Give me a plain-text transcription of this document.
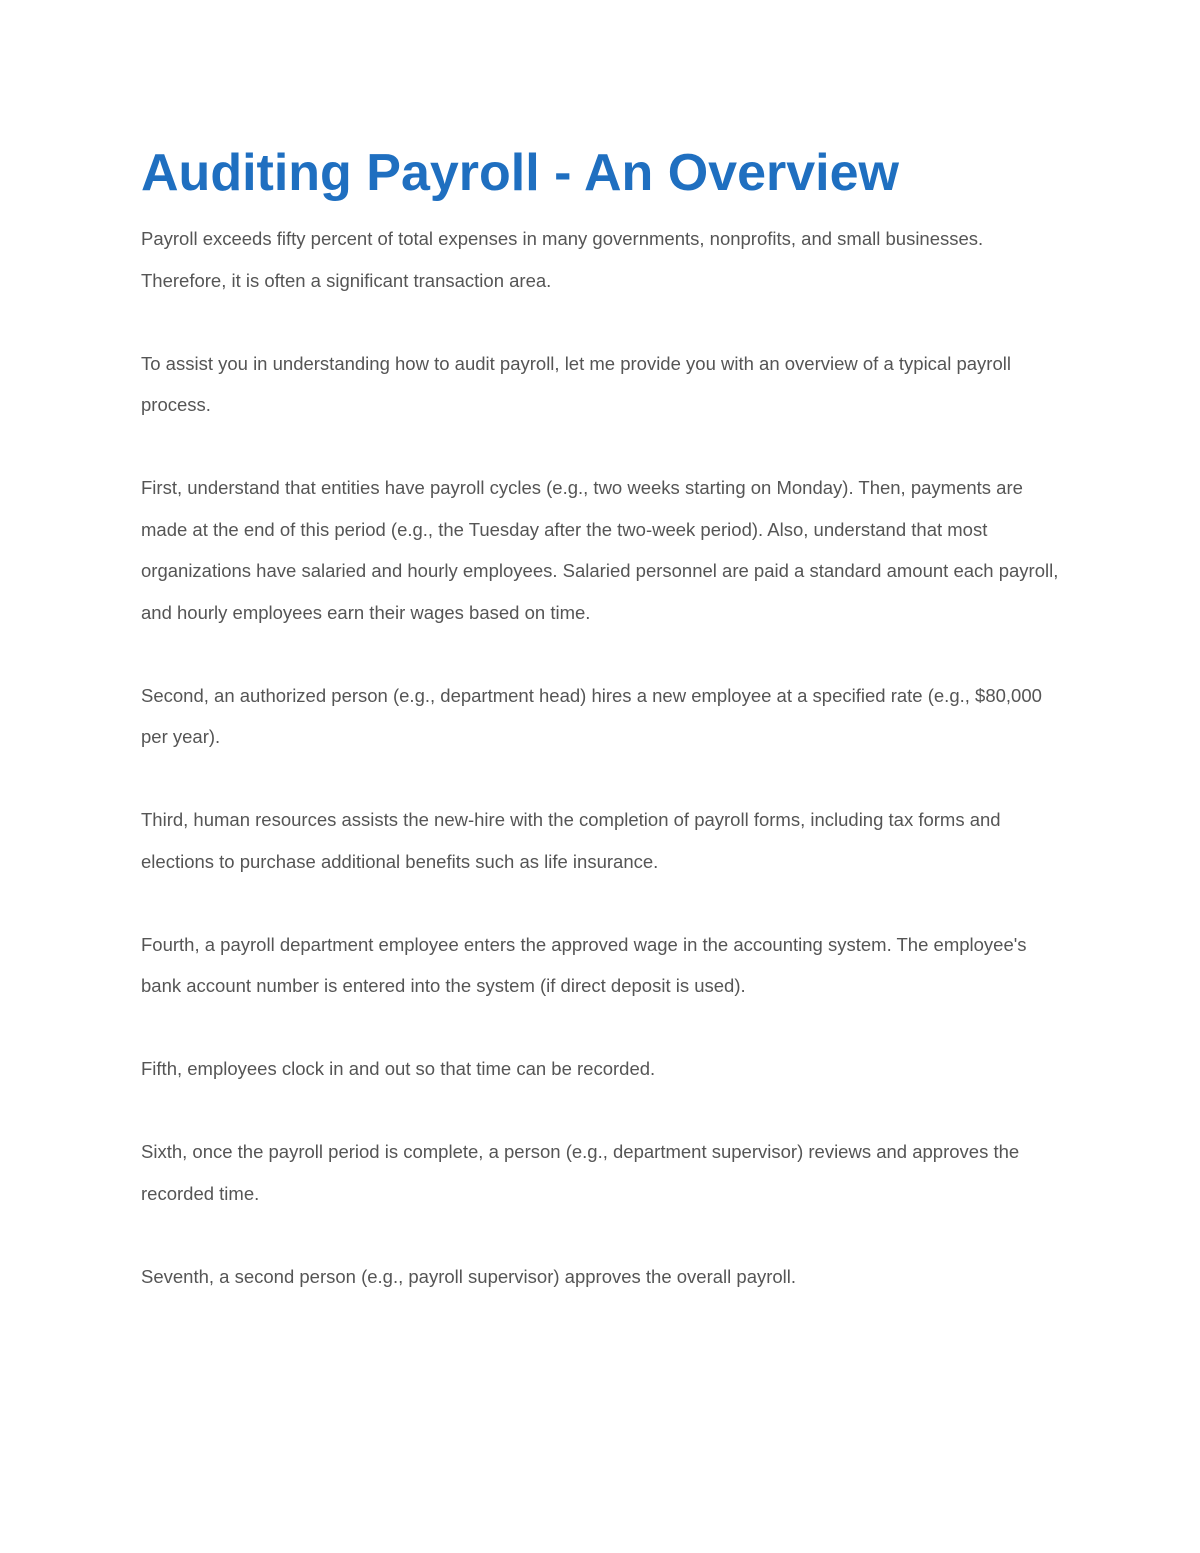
Auditing Payroll - An Overview

Payroll exceeds fifty percent of total expenses in many governments, nonprofits, and small businesses. Therefore, it is often a significant transaction area.

To assist you in understanding how to audit payroll, let me provide you with an overview of a typical payroll process.

First, understand that entities have payroll cycles (e.g., two weeks starting on Monday). Then, payments are made at the end of this period (e.g., the Tuesday after the two-week period). Also, understand that most organizations have salaried and hourly employees. Salaried personnel are paid a standard amount each payroll, and hourly employees earn their wages based on time.

Second, an authorized person (e.g., department head) hires a new employee at a specified rate (e.g., $80,000 per year).

Third, human resources assists the new-hire with the completion of payroll forms, including tax forms and elections to purchase additional benefits such as life insurance.

Fourth, a payroll department employee enters the approved wage in the accounting system. The employee's bank account number is entered into the system (if direct deposit is used).

Fifth, employees clock in and out so that time can be recorded.

Sixth, once the payroll period is complete, a person (e.g., department supervisor) reviews and approves the recorded time.

Seventh, a second person (e.g., payroll supervisor) approves the overall payroll.
